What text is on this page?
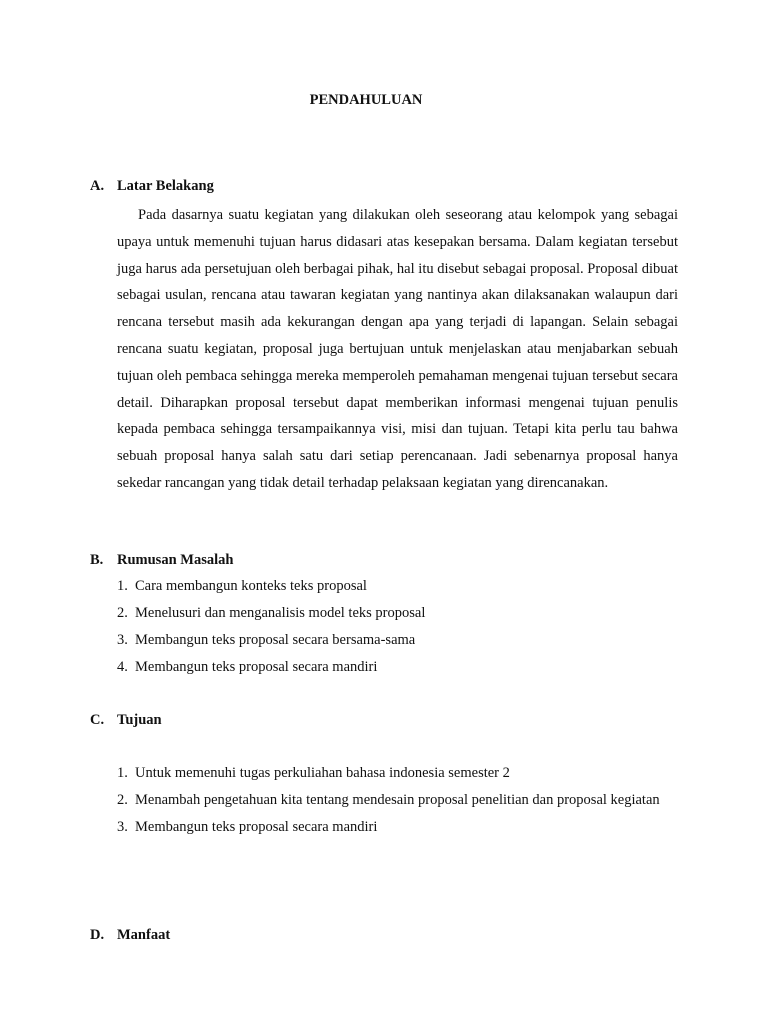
PENDAHULUAN
A. Latar Belakang

Pada dasarnya suatu kegiatan yang dilakukan oleh seseorang atau kelompok yang sebagai upaya untuk memenuhi tujuan harus didasari atas kesepakan bersama. Dalam kegiatan tersebut juga harus ada persetujuan oleh berbagai pihak, hal itu disebut sebagai proposal. Proposal dibuat sebagai usulan, rencana atau tawaran kegiatan yang nantinya akan dilaksanakan walaupun dari rencana tersebut masih ada kekurangan dengan apa yang terjadi di lapangan. Selain sebagai rencana suatu kegiatan, proposal juga bertujuan untuk menjelaskan atau menjabarkan sebuah tujuan oleh pembaca sehingga mereka memperoleh pemahaman mengenai tujuan tersebut secara detail. Diharapkan proposal tersebut dapat memberikan informasi mengenai tujuan penulis kepada pembaca sehingga tersampaikannya visi, misi dan tujuan. Tetapi kita perlu tau bahwa sebuah proposal hanya salah satu dari setiap perencanaan. Jadi sebenarnya proposal hanya sekedar rancangan yang tidak detail terhadap pelaksaan kegiatan yang direncanakan.

B. Rumusan Masalah
1. Cara membangun konteks teks proposal
2. Menelusuri dan menganalisis model teks proposal
3. Membangun teks proposal secara bersama-sama
4. Membangun teks proposal secara mandiri
C. Tujuan
1. Untuk memenuhi tugas perkuliahan bahasa indonesia semester 2
2. Menambah pengetahuan kita tentang mendesain proposal penelitian dan proposal kegiatan
3. Membangun teks proposal secara mandiri
D. Manfaat
